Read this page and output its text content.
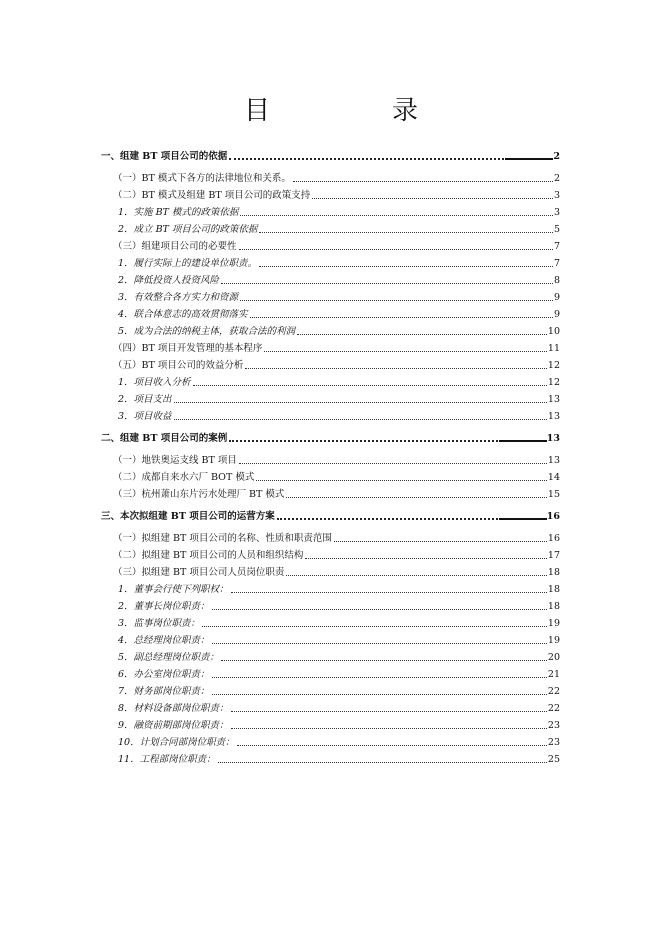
目　录
一、组建 BT 项目公司的依据	2
（一）BT 模式下各方的法律地位和关系。	2
（二）BT 模式及组建 BT 项目公司的政策支持	3
1．实施 BT 模式的政策依据	3
2．成立 BT 项目公司的政策依据	5
（三）组建项目公司的必要性	7
1．履行实际上的建设单位职责。	7
2．降低投资人投资风险	8
3．有效整合各方实力和资源	9
4．联合体意志的高效贯彻落实	9
5．成为合法的纳税主体，获取合法的利润	10
（四）BT 项目开发管理的基本程序	11
（五）BT 项目公司的效益分析	12
1．项目收入分析	12
2．项目支出	13
3．项目收益	13
二、组建 BT 项目公司的案例	13
（一）地铁奥运支线 BT 项目	13
（二）成都自来水六厂 BOT 模式	14
（三）杭州萧山东片污水处理厂 BT 模式	15
三、本次拟组建 BT 项目公司的运营方案	16
（一）拟组建 BT 项目公司的名称、性质和职责范围	16
（二）拟组建 BT 项目公司的人员和组织结构	17
（三）拟组建 BT 项目公司人员岗位职责	18
1．董事会行使下列职权：	18
2．董事长岗位职责：	18
3．监事岗位职责：	19
4．总经理岗位职责：	19
5．副总经理岗位职责：	20
6．办公室岗位职责：	21
7．财务部岗位职责：	22
8．材料设备部岗位职责：	22
9．融资前期部岗位职责：	23
10．计划合同部岗位职责：	23
11．工程部岗位职责：	25
